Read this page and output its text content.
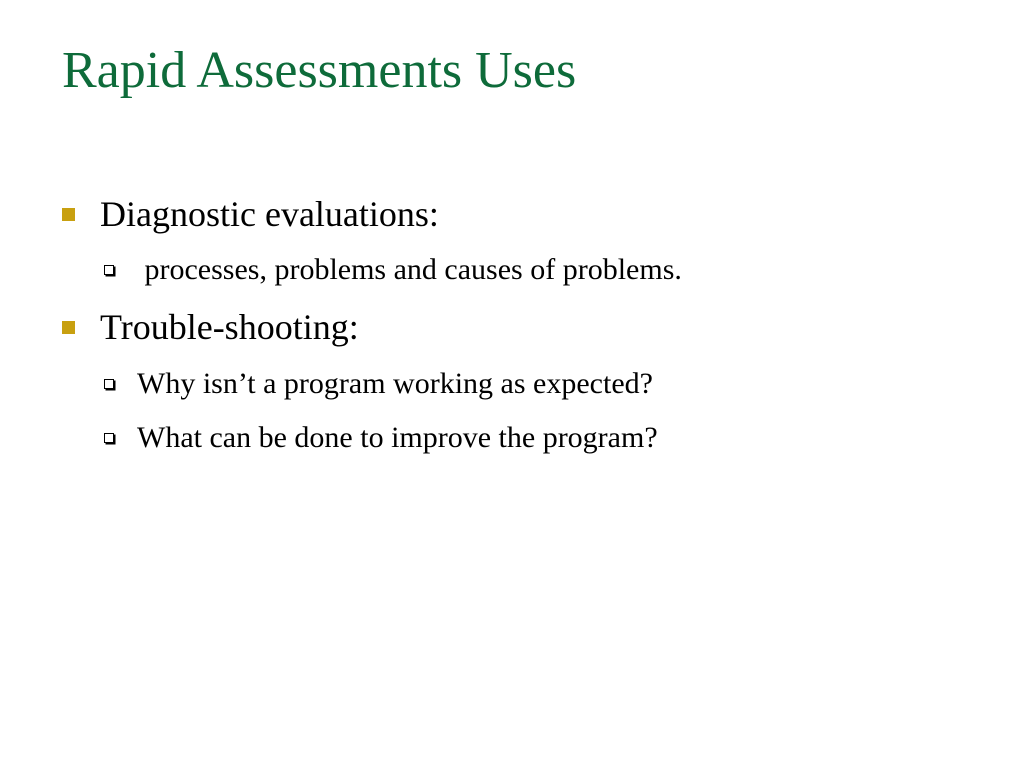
Rapid Assessments Uses
Diagnostic evaluations:
processes, problems and causes of problems.
Trouble-shooting:
Why isn’t a program working as expected?
What can be done to improve the program?
